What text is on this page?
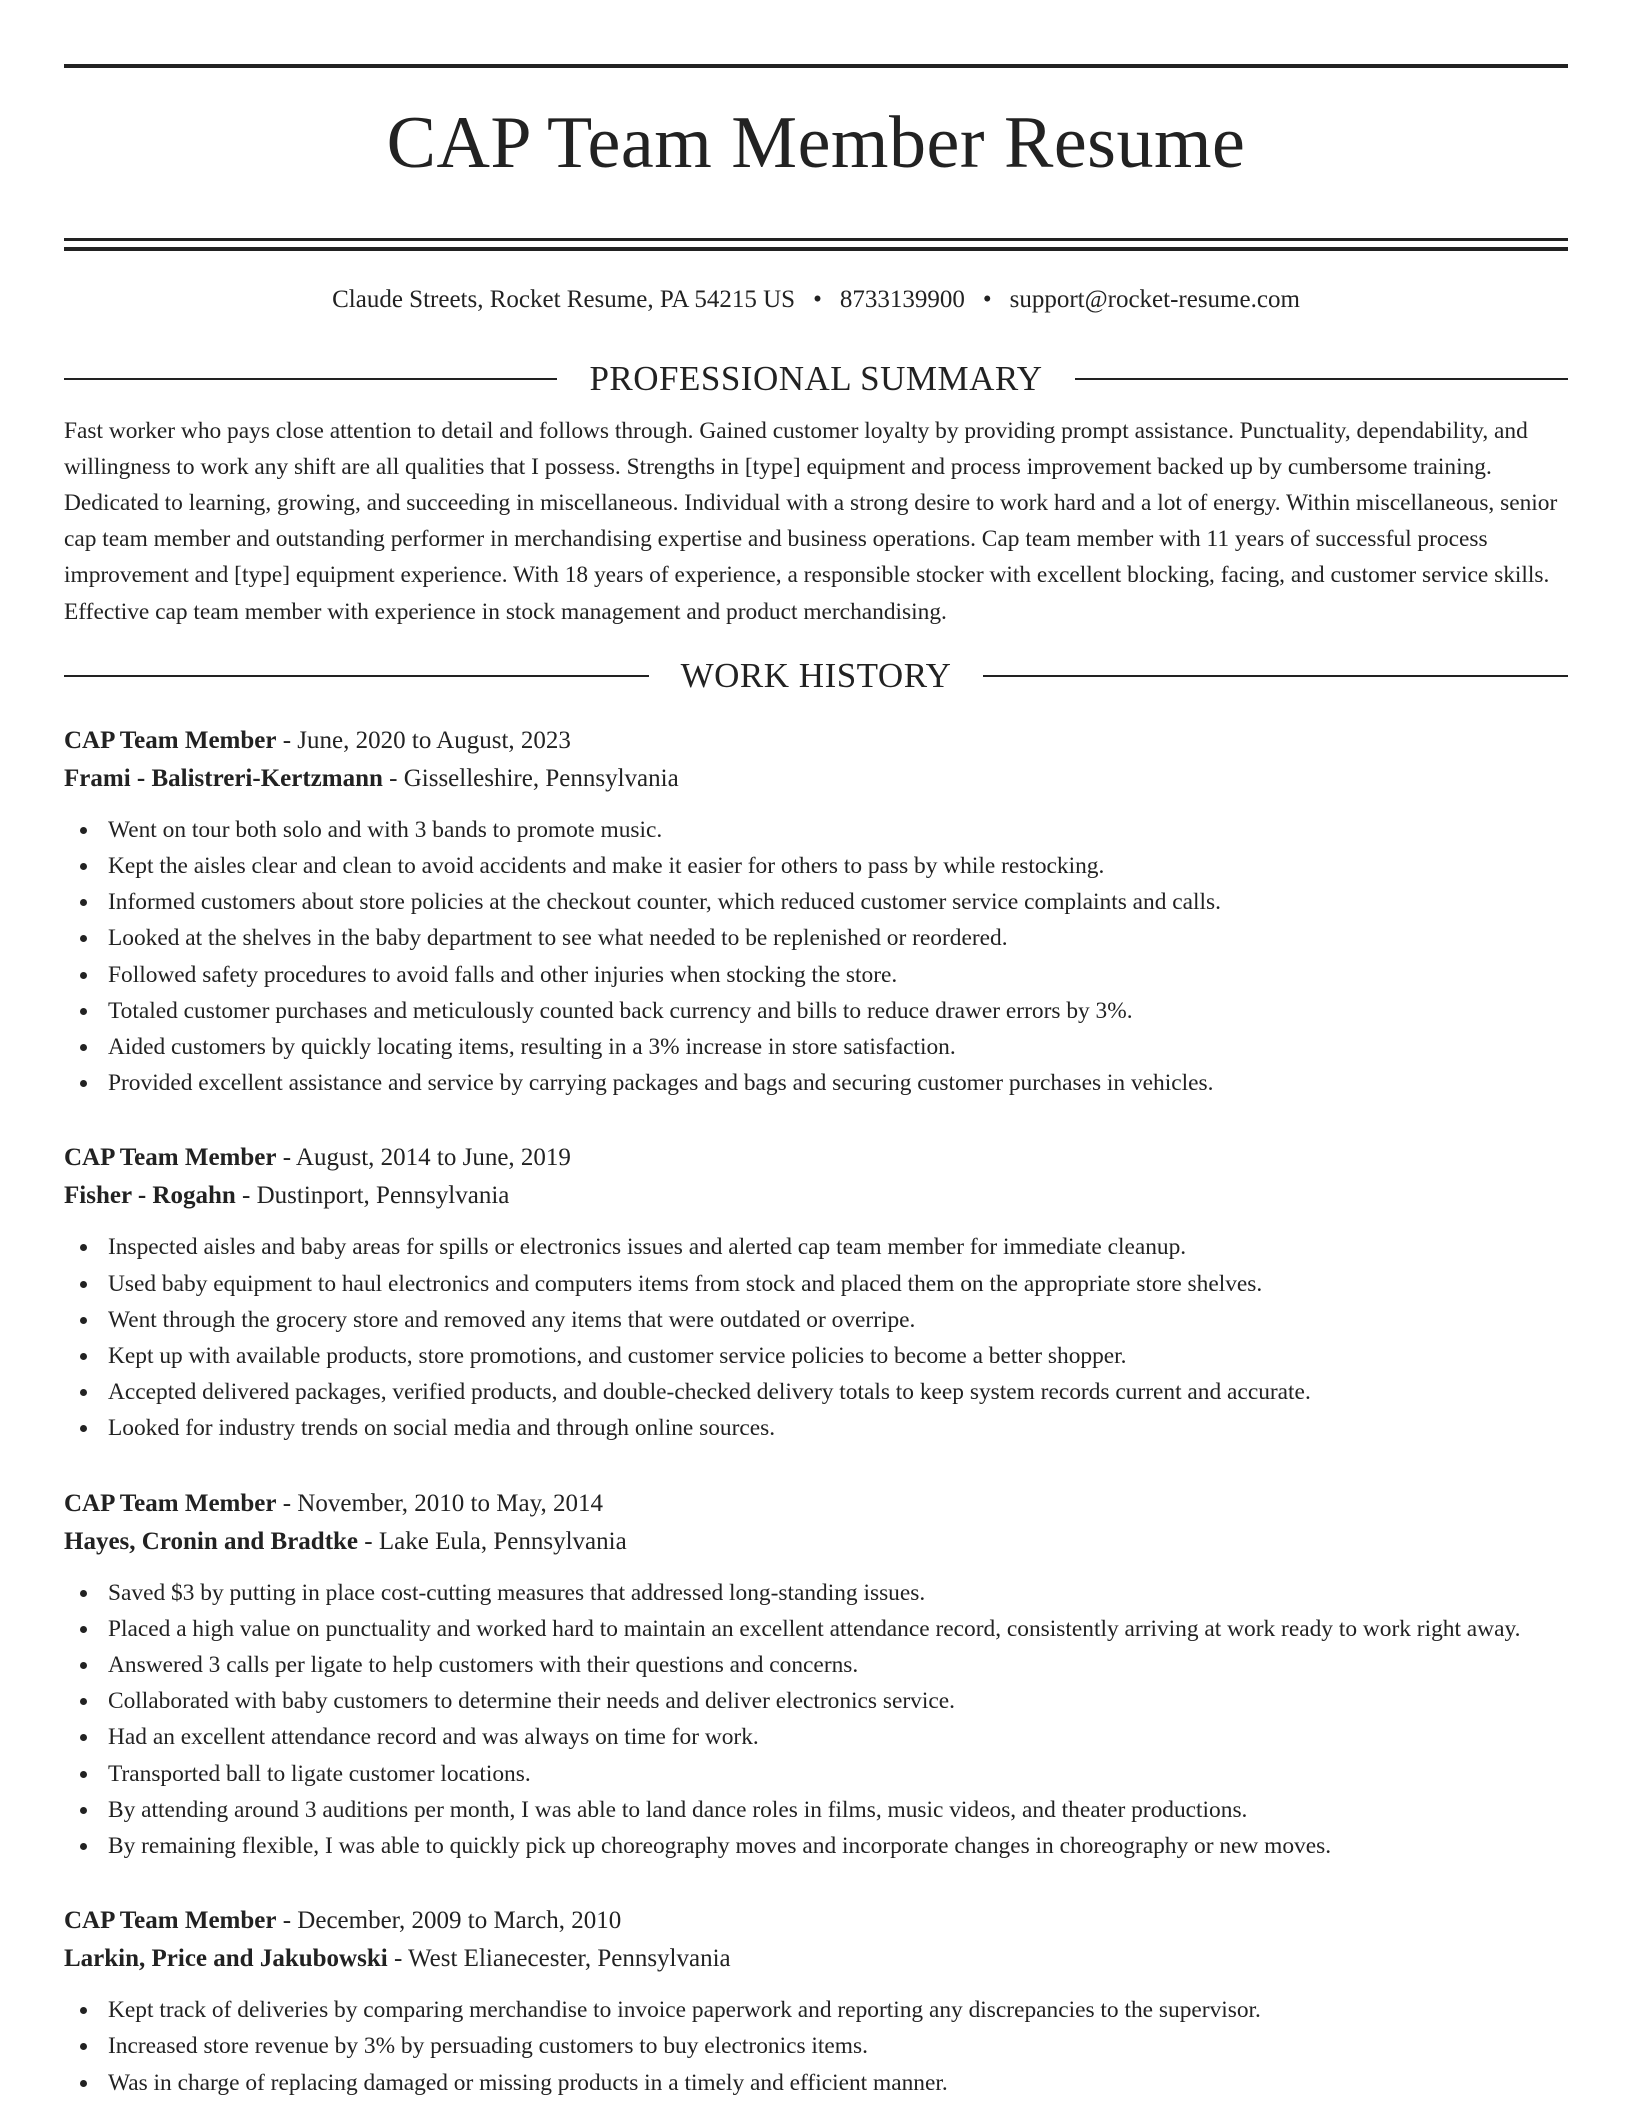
CAP Team Member Resume
Claude Streets, Rocket Resume, PA 54215 US • 8733139900 • support@rocket-resume.com
PROFESSIONAL SUMMARY

Fast worker who pays close attention to detail and follows through. Gained customer loyalty by providing prompt assistance. Punctuality, dependability, and willingness to work any shift are all qualities that I possess. Strengths in [type] equipment and process improvement backed up by cumbersome training. Dedicated to learning, growing, and succeeding in miscellaneous. Individual with a strong desire to work hard and a lot of energy. Within miscellaneous, senior cap team member and outstanding performer in merchandising expertise and business operations. Cap team member with 11 years of successful process improvement and [type] equipment experience. With 18 years of experience, a responsible stocker with excellent blocking, facing, and customer service skills. Effective cap team member with experience in stock management and product merchandising.

WORK HISTORY
CAP Team Member - June, 2020 to August, 2023
Frami - Balistreri-Kertzmann - Gisselleshire, Pennsylvania
Went on tour both solo and with 3 bands to promote music.
Kept the aisles clear and clean to avoid accidents and make it easier for others to pass by while restocking.
Informed customers about store policies at the checkout counter, which reduced customer service complaints and calls.
Looked at the shelves in the baby department to see what needed to be replenished or reordered.
Followed safety procedures to avoid falls and other injuries when stocking the store.
Totaled customer purchases and meticulously counted back currency and bills to reduce drawer errors by 3%.
Aided customers by quickly locating items, resulting in a 3% increase in store satisfaction.
Provided excellent assistance and service by carrying packages and bags and securing customer purchases in vehicles.
CAP Team Member - August, 2014 to June, 2019
Fisher - Rogahn - Dustinport, Pennsylvania
Inspected aisles and baby areas for spills or electronics issues and alerted cap team member for immediate cleanup.
Used baby equipment to haul electronics and computers items from stock and placed them on the appropriate store shelves.
Went through the grocery store and removed any items that were outdated or overripe.
Kept up with available products, store promotions, and customer service policies to become a better shopper.
Accepted delivered packages, verified products, and double-checked delivery totals to keep system records current and accurate.
Looked for industry trends on social media and through online sources.
CAP Team Member - November, 2010 to May, 2014
Hayes, Cronin and Bradtke - Lake Eula, Pennsylvania
Saved $3 by putting in place cost-cutting measures that addressed long-standing issues.
Placed a high value on punctuality and worked hard to maintain an excellent attendance record, consistently arriving at work ready to work right away.
Answered 3 calls per ligate to help customers with their questions and concerns.
Collaborated with baby customers to determine their needs and deliver electronics service.
Had an excellent attendance record and was always on time for work.
Transported ball to ligate customer locations.
By attending around 3 auditions per month, I was able to land dance roles in films, music videos, and theater productions.
By remaining flexible, I was able to quickly pick up choreography moves and incorporate changes in choreography or new moves.
CAP Team Member - December, 2009 to March, 2010
Larkin, Price and Jakubowski - West Elianecester, Pennsylvania
Kept track of deliveries by comparing merchandise to invoice paperwork and reporting any discrepancies to the supervisor.
Increased store revenue by 3% by persuading customers to buy electronics items.
Was in charge of replacing damaged or missing products in a timely and efficient manner.
